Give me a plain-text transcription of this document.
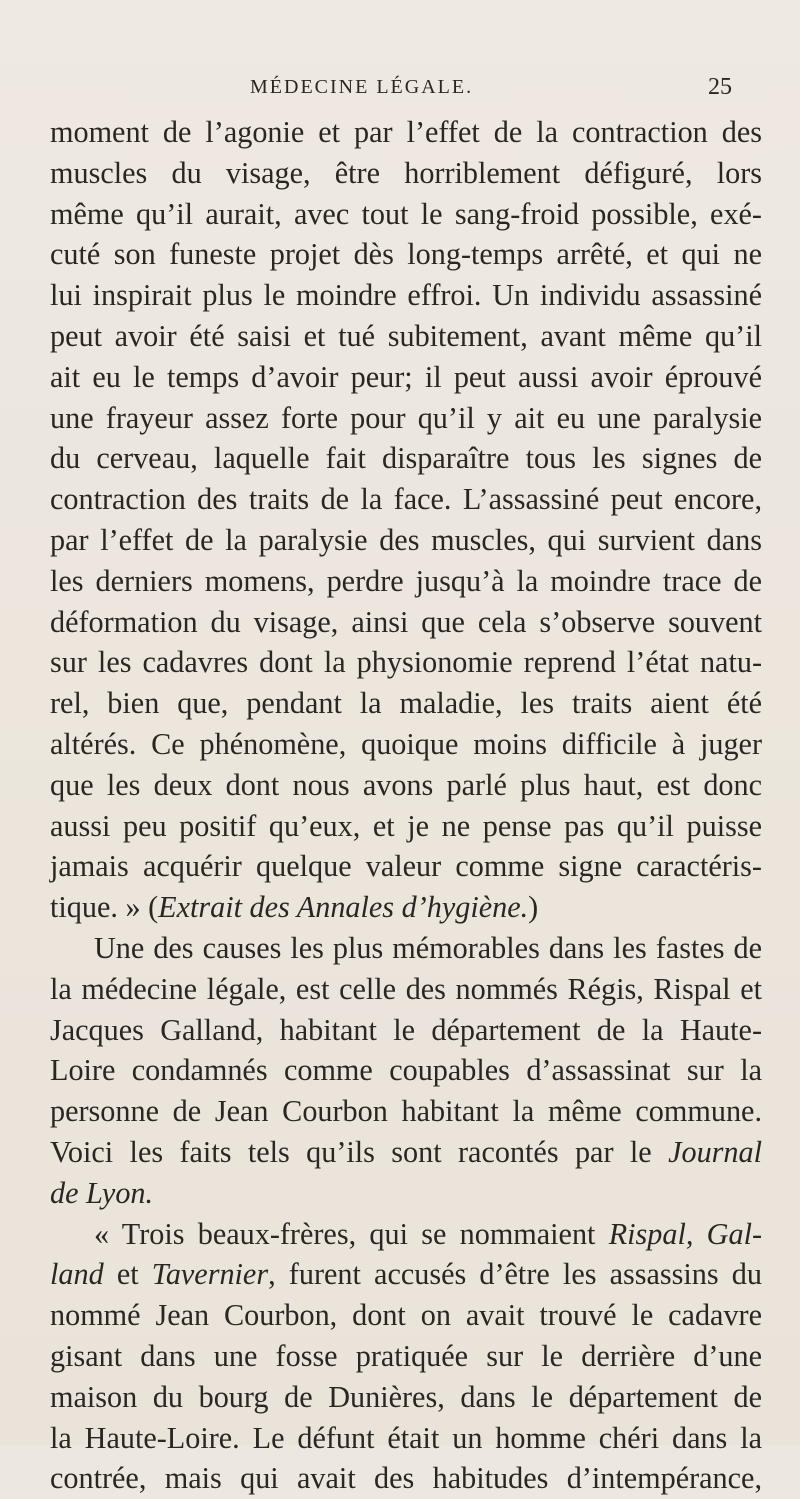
MÉDECINE LÉGALE.	25
moment de l’agonie et par l’effet de la contraction des
muscles du visage, être horriblement défiguré, lors
même qu’il aurait, avec tout le sang-froid possible, exé-
cuté son funeste projet dès long-temps arrêté, et qui ne
lui inspirait plus le moindre effroi. Un individu assassiné
peut avoir été saisi et tué subitement, avant même qu’il
ait eu le temps d’avoir peur; il peut aussi avoir éprouvé
une frayeur assez forte pour qu’il y ait eu une paralysie
du cerveau, laquelle fait disparaître tous les signes de
contraction des traits de la face. L’assassiné peut encore,
par l’effet de la paralysie des muscles, qui survient dans
les derniers momens, perdre jusqu’à la moindre trace de
déformation du visage, ainsi que cela s’observe souvent
sur les cadavres dont la physionomie reprend l’état natu-
rel, bien que, pendant la maladie, les traits aient été
altérés. Ce phénomène, quoique moins difficile à juger
que les deux dont nous avons parlé plus haut, est donc
aussi peu positif qu’eux, et je ne pense pas qu’il puisse
jamais acquérir quelque valeur comme signe caractéris-
tique. » (Extrait des Annales d’hygiène.)
Une des causes les plus mémorables dans les fastes de
la médecine légale, est celle des nommés Régis, Rispal et
Jacques Galland, habitant le département de la Haute-
Loire condamnés comme coupables d’assassinat sur la
personne de Jean Courbon habitant la même commune.
Voici les faits tels qu’ils sont racontés par le Journal
de Lyon.
« Trois beaux-frères, qui se nommaient Rispal, Gal-
land et Tavernier, furent accusés d’être les assassins du
nommé Jean Courbon, dont on avait trouvé le cadavre
gisant dans une fosse pratiquée sur le derrière d’une
maison du bourg de Dunières, dans le département de
la Haute-Loire. Le défunt était un homme chéri dans la
contrée, mais qui avait des habitudes d’intempérance,
